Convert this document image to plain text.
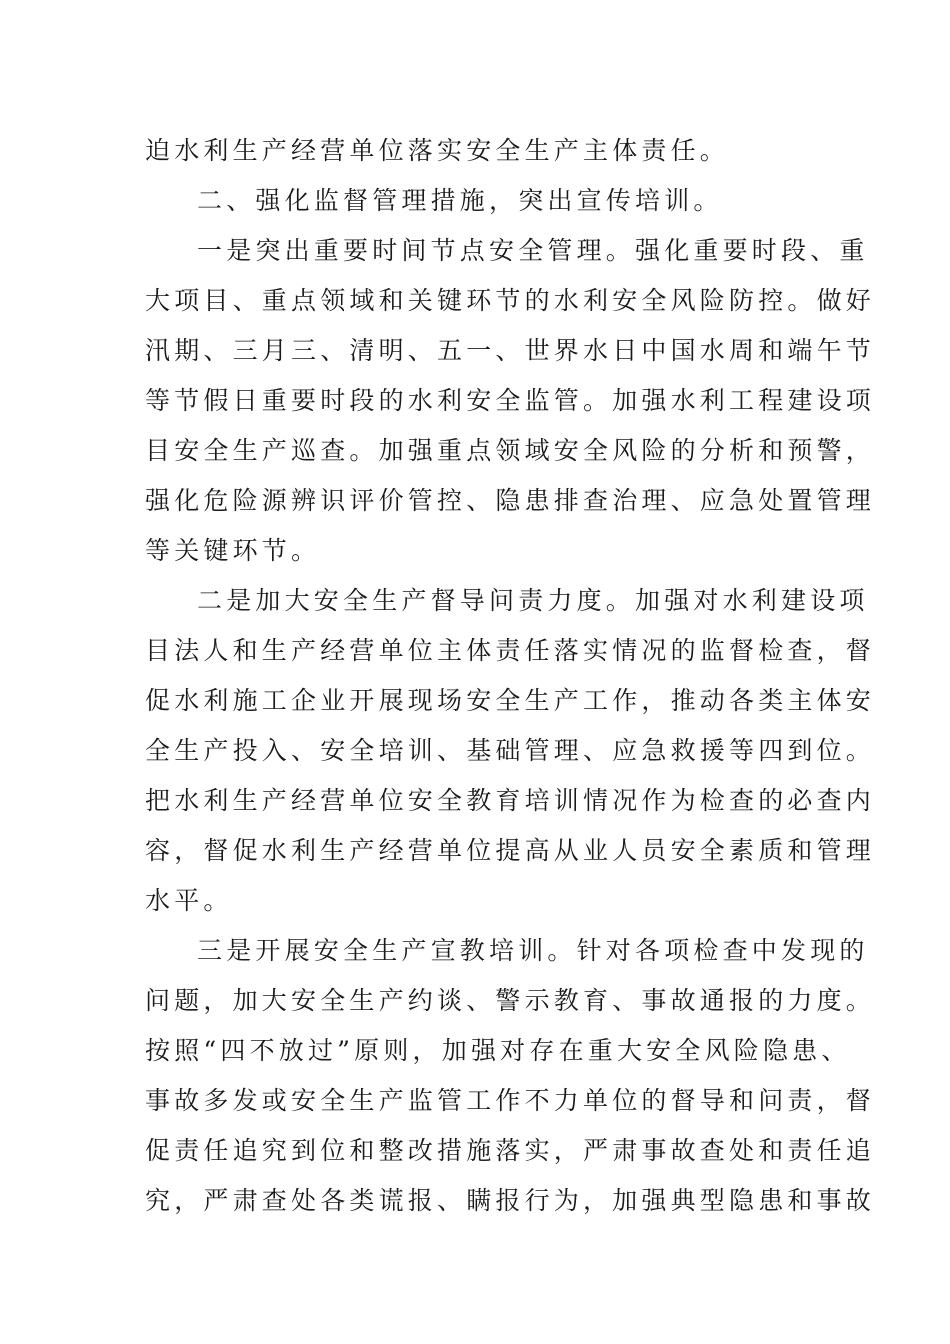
迫水利生产经营单位落实安全生产主体责任。
二、强化监督管理措施，突出宣传培训。
一是突出重要时间节点安全管理。强化重要时段、重
大项目、重点领域和关键环节的水利安全风险防控。做好
汛期、三月三、清明、五一、世界水日中国水周和端午节
等节假日重要时段的水利安全监管。加强水利工程建设项
目安全生产巡查。加强重点领域安全风险的分析和预警，
强化危险源辨识评价管控、隐患排查治理、应急处置管理
等关键环节。
二是加大安全生产督导问责力度。加强对水利建设项
目法人和生产经营单位主体责任落实情况的监督检查，督
促水利施工企业开展现场安全生产工作，推动各类主体安
全生产投入、安全培训、基础管理、应急救援等四到位。
把水利生产经营单位安全教育培训情况作为检查的必查内
容，督促水利生产经营单位提高从业人员安全素质和管理
水平。
三是开展安全生产宣教培训。针对各项检查中发现的
问题，加大安全生产约谈、警示教育、事故通报的力度。
按照“四不放过”原则，加强对存在重大安全风险隐患、
事故多发或安全生产监管工作不力单位的督导和问责，督
促责任追究到位和整改措施落实，严肃事故查处和责任追
究，严肃查处各类谎报、瞒报行为，加强典型隐患和事故
